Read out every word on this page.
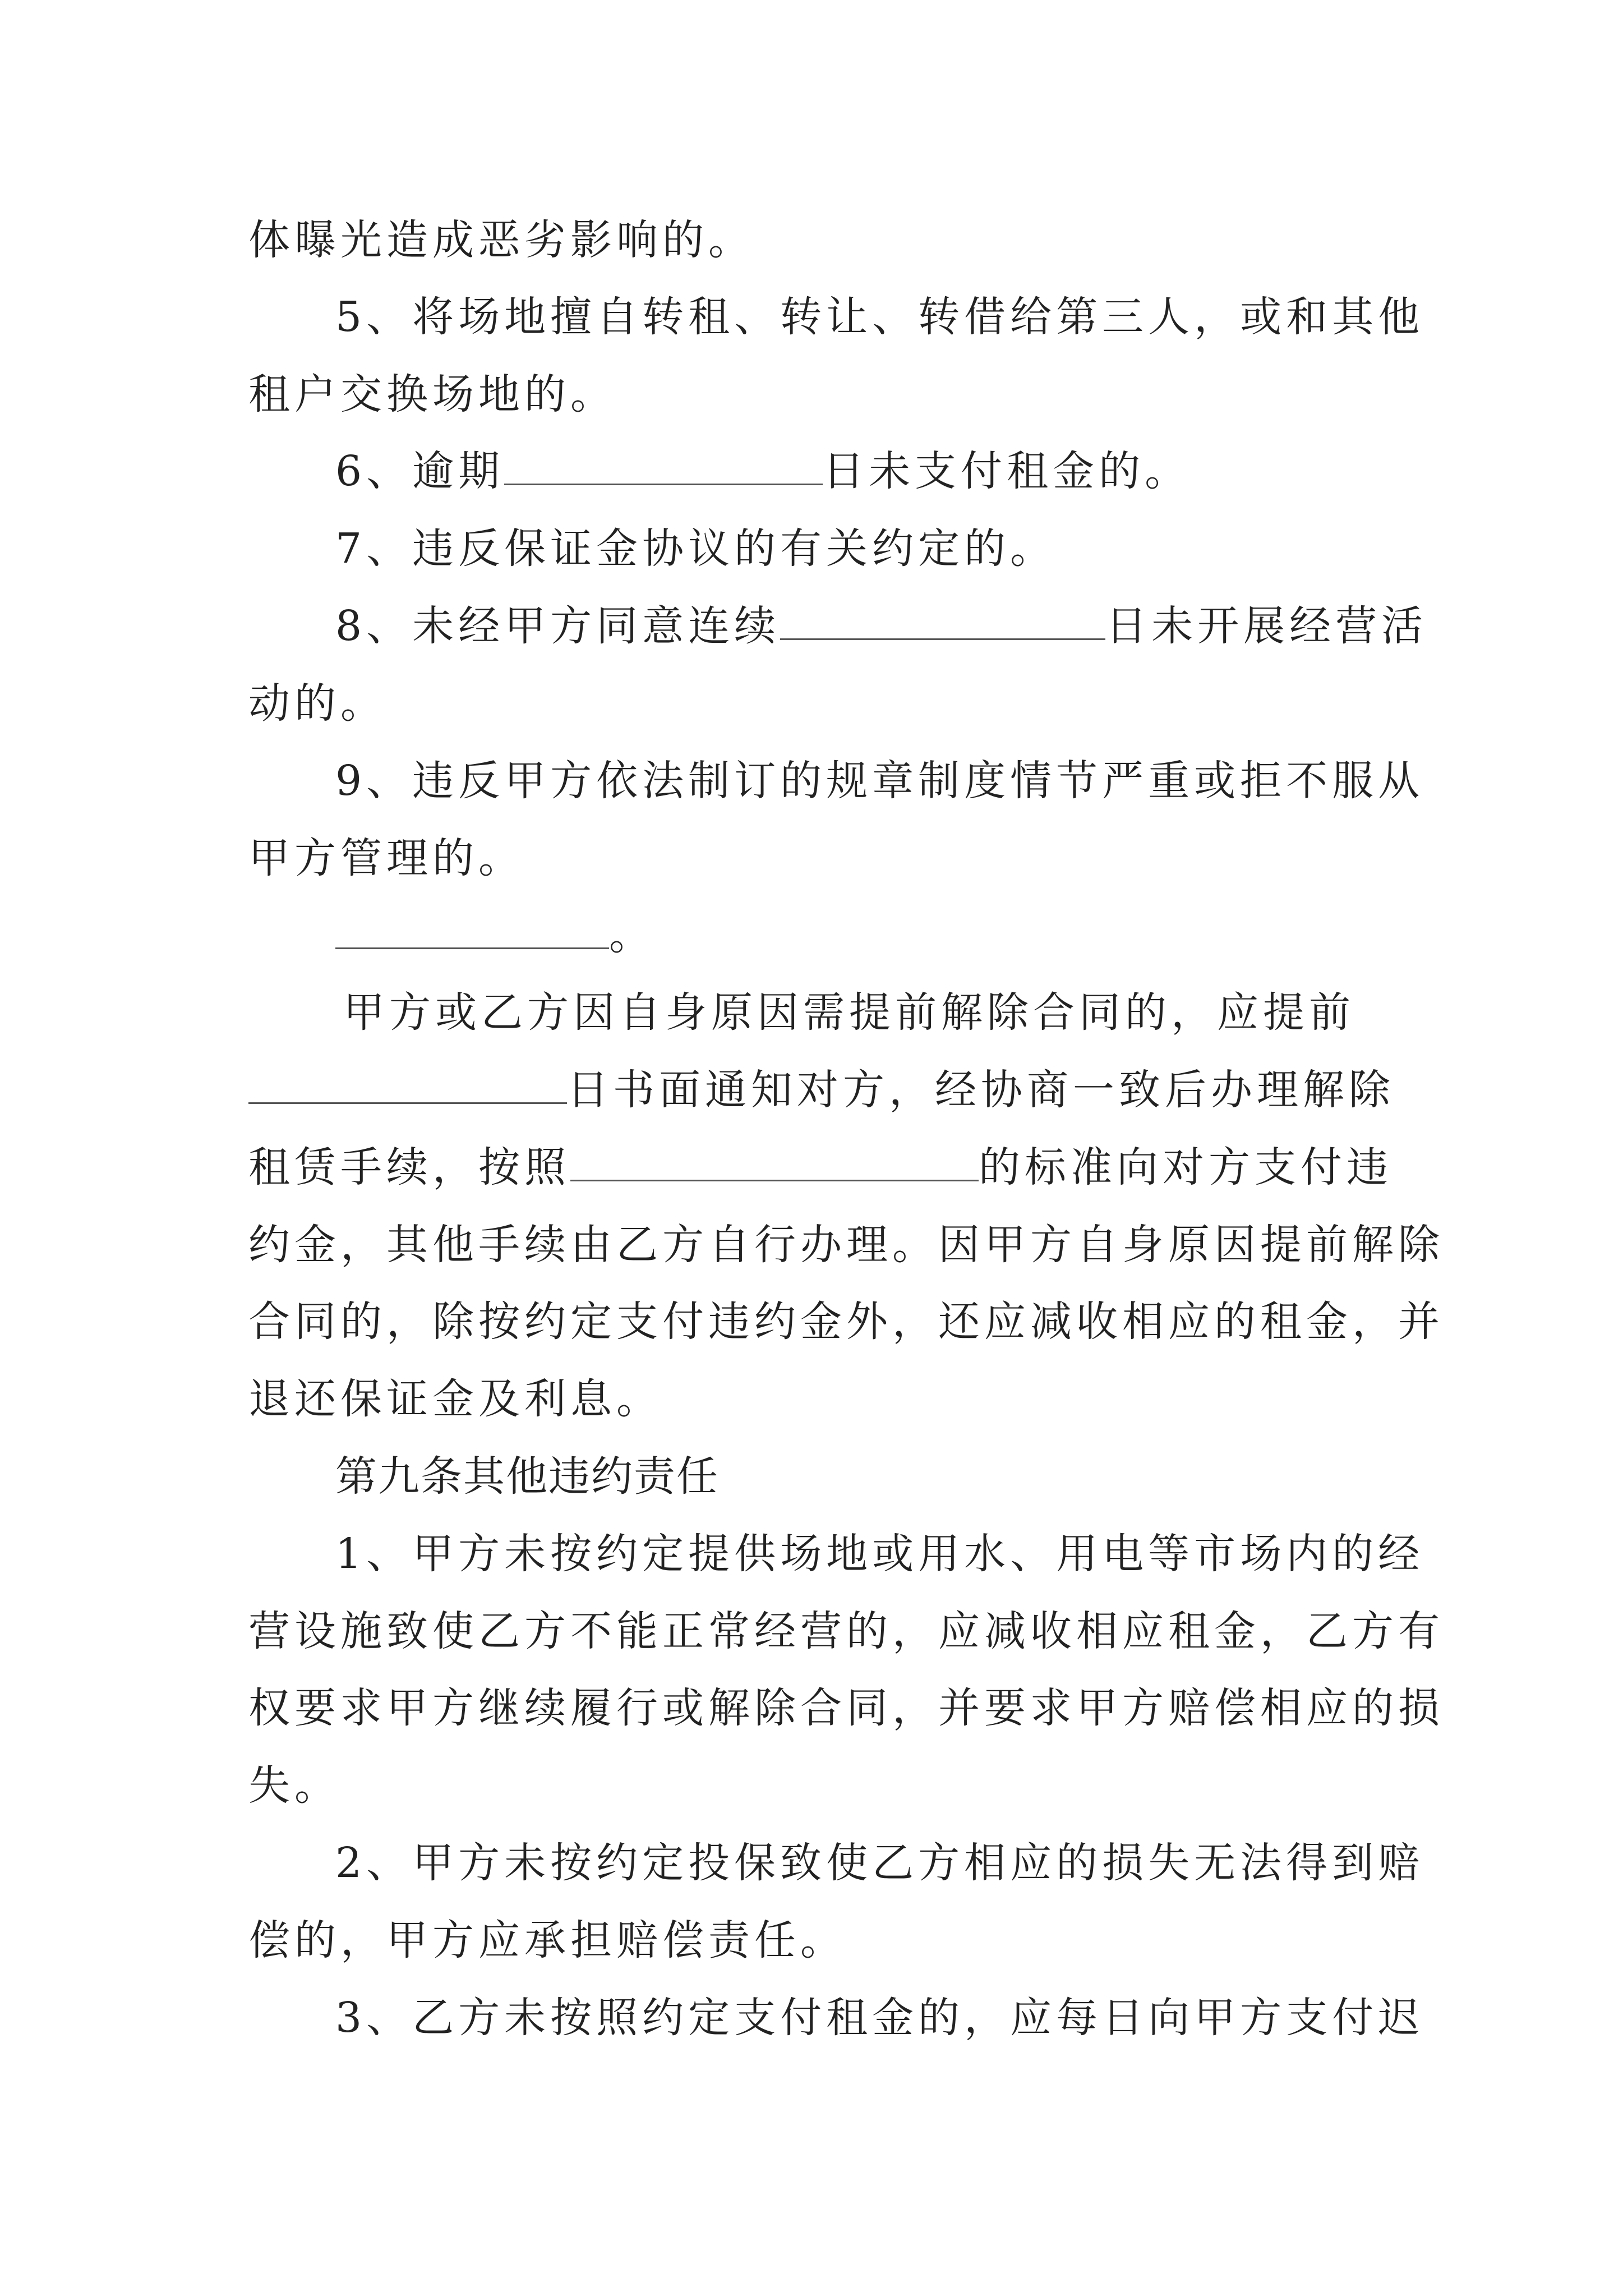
体曝光造成恶劣影响的。
5、将场地擅自转租、转让、转借给第三人，或和其他
租户交换场地的。
6、逾期	日未支付租金的。
7、违反保证金协议的有关约定的。
8、未经甲方同意连续	日未开展经营活
动的。
9、违反甲方依法制订的规章制度情节严重或拒不服从
甲方管理的。
。
甲方或乙方因自身原因需提前解除合同的，应提前
日书面通知对方，经协商一致后办理解除
租赁手续，按照	的标准向对方支付违
约金，其他手续由乙方自行办理。因甲方自身原因提前解除
合同的，除按约定支付违约金外，还应减收相应的租金，并
退还保证金及利息。
第九条其他违约责任
1、甲方未按约定提供场地或用水、用电等市场内的经
营设施致使乙方不能正常经营的，应减收相应租金，乙方有
权要求甲方继续履行或解除合同，并要求甲方赔偿相应的损
失。
2、甲方未按约定投保致使乙方相应的损失无法得到赔
偿的，甲方应承担赔偿责任。
3、乙方未按照约定支付租金的，应每日向甲方支付迟
